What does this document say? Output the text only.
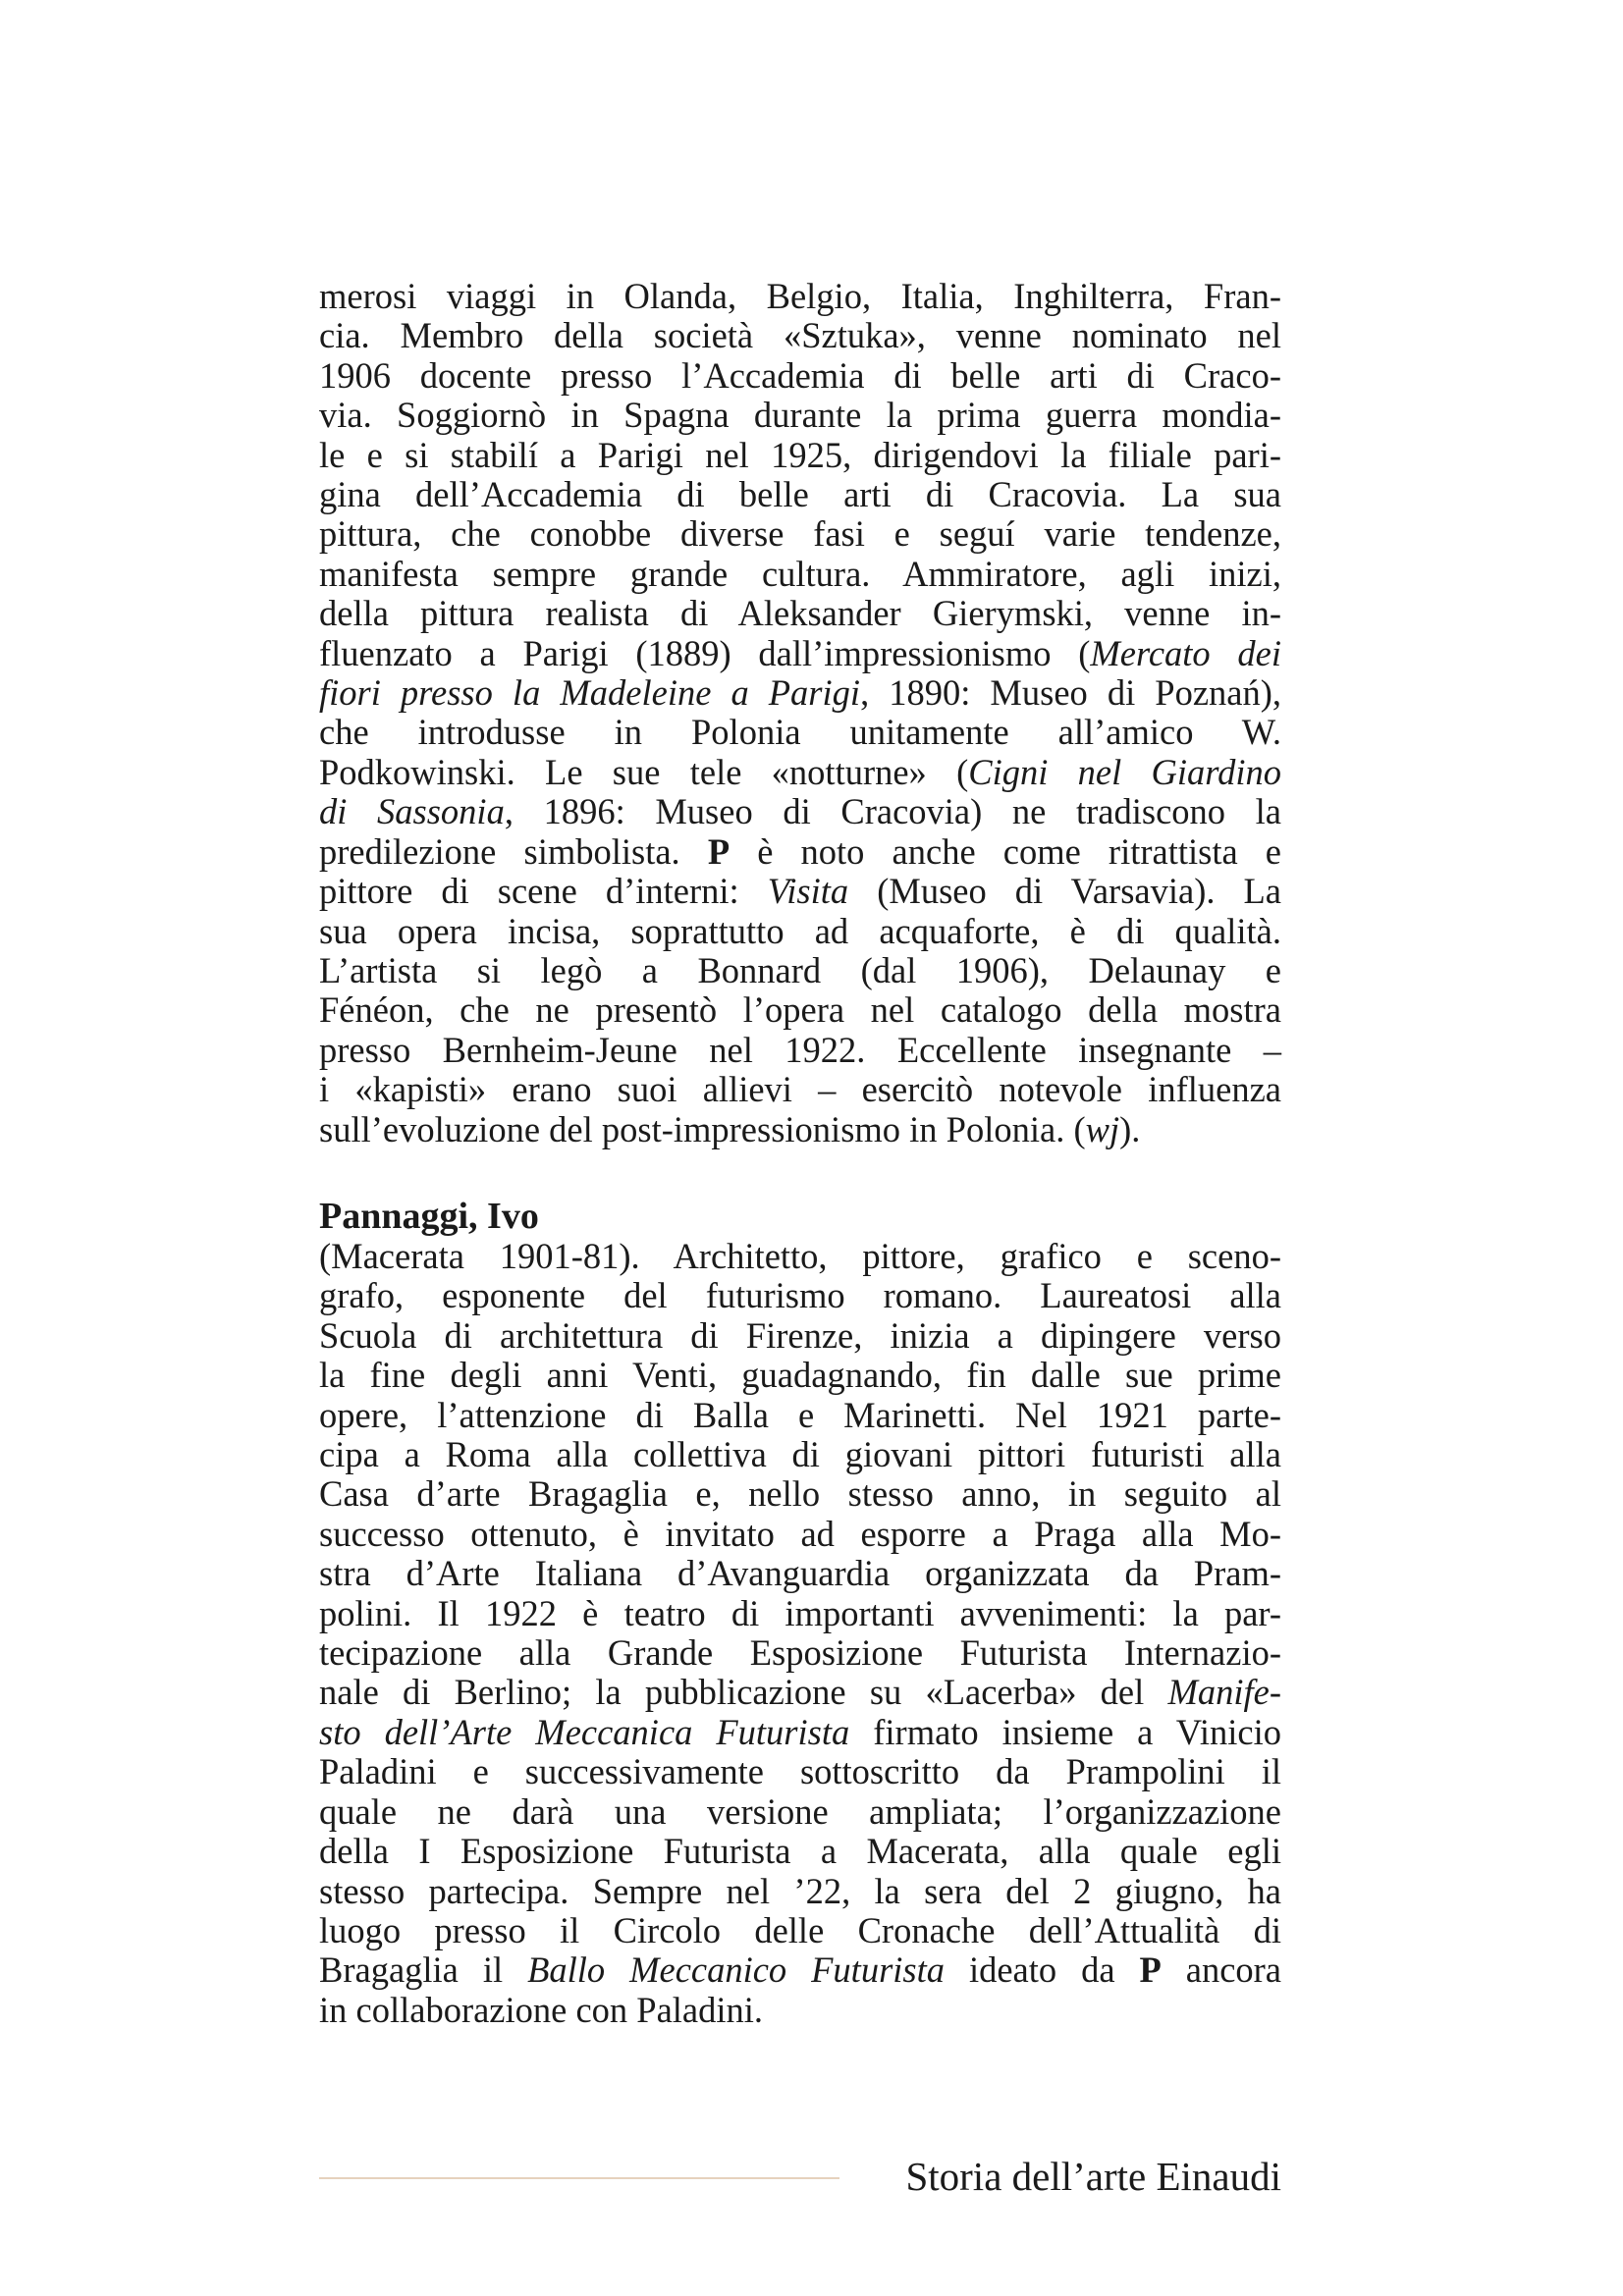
merosi viaggi in Olanda, Belgio, Italia, Inghilterra, Fran-
cia. Membro della società «Sztuka», venne nominato nel
1906 docente presso l’Accademia di belle arti di Craco-
via. Soggiornò in Spagna durante la prima guerra mondia-
le e si stabilí a Parigi nel 1925, dirigendovi la filiale pari-
gina dell’Accademia di belle arti di Cracovia. La sua
pittura, che conobbe diverse fasi e seguí varie tendenze,
manifesta sempre grande cultura. Ammiratore, agli inizi,
della pittura realista di Aleksander Gierymski, venne in-
fluenzato a Parigi (1889) dall’impressionismo (Mercato dei
fiori presso la Madeleine a Parigi, 1890: Museo di Poznań),
che introdusse in Polonia unitamente all’amico W.
Podkowinski. Le sue tele «notturne» (Cigni nel Giardino
di Sassonia, 1896: Museo di Cracovia) ne tradiscono la
predilezione simbolista. P è noto anche come ritrattista e
pittore di scene d’interni: Visita (Museo di Varsavia). La
sua opera incisa, soprattutto ad acquaforte, è di qualità.
L’artista si legò a Bonnard (dal 1906), Delaunay e
Fénéon, che ne presentò l’opera nel catalogo della mostra
presso Bernheim-Jeune nel 1922. Eccellente insegnante –
i «kapisti» erano suoi allievi – esercitò notevole influenza
sull’evoluzione del post-impressionismo in Polonia. (wj).
Pannaggi, Ivo
(Macerata 1901-81). Architetto, pittore, grafico e sceno-
grafo, esponente del futurismo romano. Laureatosi alla
Scuola di architettura di Firenze, inizia a dipingere verso
la fine degli anni Venti, guadagnando, fin dalle sue prime
opere, l’attenzione di Balla e Marinetti. Nel 1921 parte-
cipa a Roma alla collettiva di giovani pittori futuristi alla
Casa d’arte Bragaglia e, nello stesso anno, in seguito al
successo ottenuto, è invitato ad esporre a Praga alla Mo-
stra d’Arte Italiana d’Avanguardia organizzata da Pram-
polini. Il 1922 è teatro di importanti avvenimenti: la par-
tecipazione alla Grande Esposizione Futurista Internazio-
nale di Berlino; la pubblicazione su «Lacerba» del Manife-
sto dell’Arte Meccanica Futurista firmato insieme a Vinicio
Paladini e successivamente sottoscritto da Prampolini il
quale ne darà una versione ampliata; l’organizzazione
della I Esposizione Futurista a Macerata, alla quale egli
stesso partecipa. Sempre nel ’22, la sera del 2 giugno, ha
luogo presso il Circolo delle Cronache dell’Attualità di
Bragaglia il Ballo Meccanico Futurista ideato da P ancora
in collaborazione con Paladini.
Storia dell’arte Einaudi
